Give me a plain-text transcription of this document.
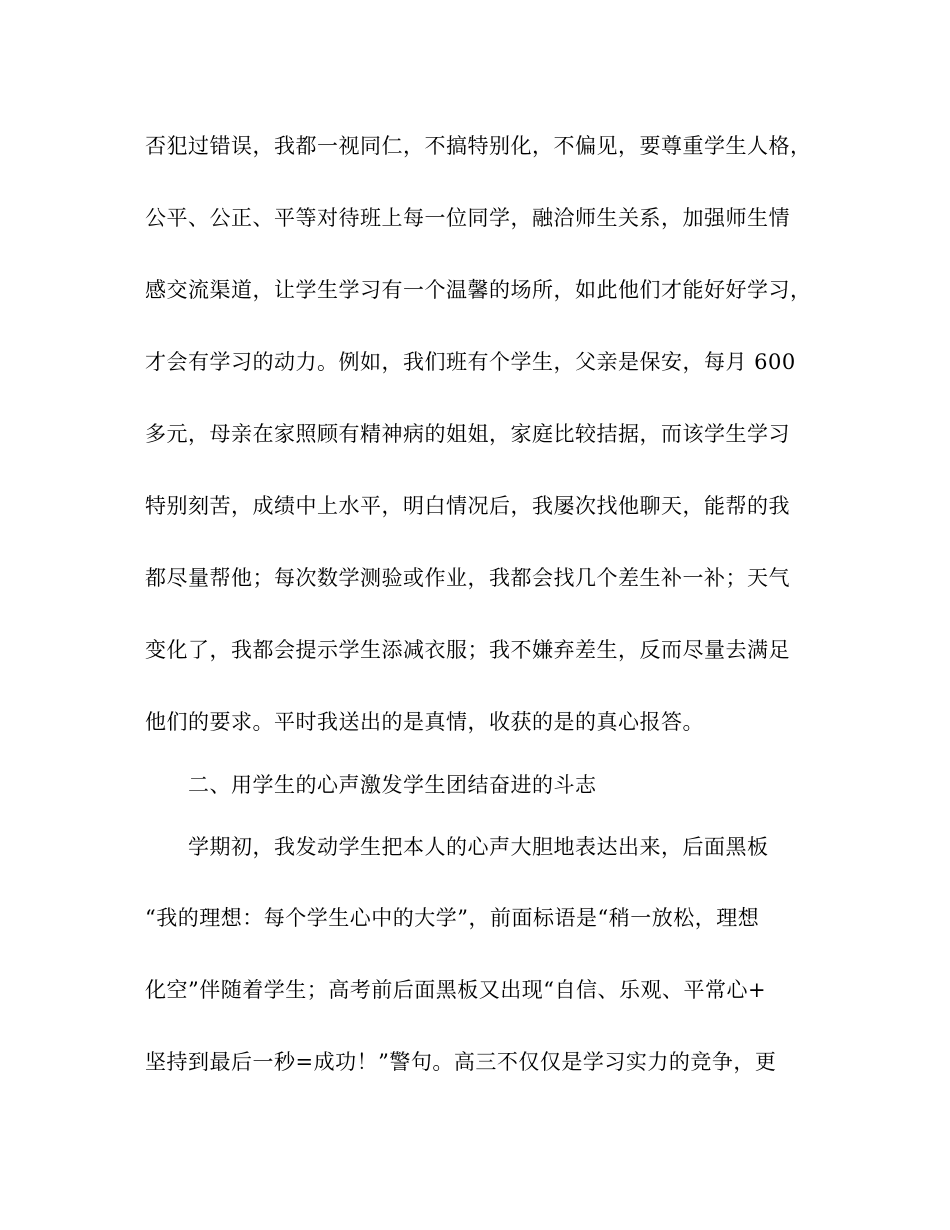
否犯过错误，我都一视同仁，不搞特别化，不偏见，要尊重学生人格，
公平、公正、平等对待班上每一位同学，融洽师生关系，加强师生情
感交流渠道，让学生学习有一个温馨的场所，如此他们才能好好学习，
才会有学习的动力。例如，我们班有个学生，父亲是保安，每月 600
多元，母亲在家照顾有精神病的姐姐，家庭比较拮据，而该学生学习
特别刻苦，成绩中上水平，明白情况后，我屡次找他聊天，能帮的我
都尽量帮他；每次数学测验或作业，我都会找几个差生补一补；天气
变化了，我都会提示学生添减衣服；我不嫌弃差生，反而尽量去满足
他们的要求。平时我送出的是真情，收获的是的真心报答。
二、用学生的心声激发学生团结奋进的斗志
学期初，我发动学生把本人的心声大胆地表达出来，后面黑板
“我的理想：每个学生心中的大学”，前面标语是“稍一放松，理想
化空”伴随着学生；高考前后面黑板又出现“自信、乐观、平常心+
坚持到最后一秒=成功！”警句。高三不仅仅是学习实力的竞争，更
